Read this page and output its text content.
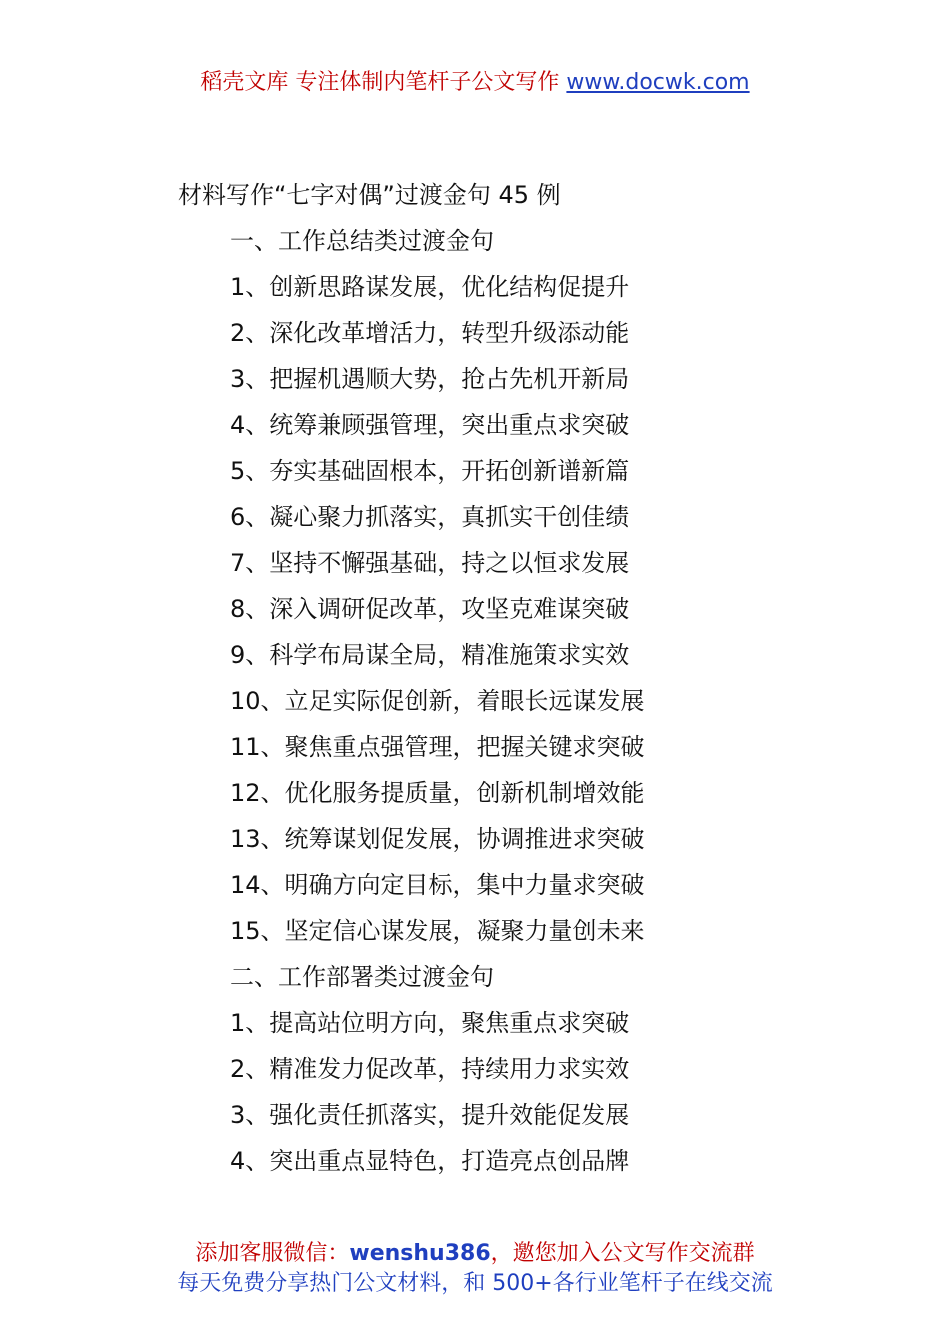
稻壳文库 专注体制内笔杆子公文写作 www.docwk.com
材料写作“七字对偶”过渡金句 45 例
一、工作总结类过渡金句
1、创新思路谋发展，优化结构促提升
2、深化改革增活力，转型升级添动能
3、把握机遇顺大势，抢占先机开新局
4、统筹兼顾强管理，突出重点求突破
5、夯实基础固根本，开拓创新谱新篇
6、凝心聚力抓落实，真抓实干创佳绩
7、坚持不懈强基础，持之以恒求发展
8、深入调研促改革，攻坚克难谋突破
9、科学布局谋全局，精准施策求实效
10、立足实际促创新，着眼长远谋发展
11、聚焦重点强管理，把握关键求突破
12、优化服务提质量，创新机制增效能
13、统筹谋划促发展，协调推进求突破
14、明确方向定目标，集中力量求突破
15、坚定信心谋发展，凝聚力量创未来
二、工作部署类过渡金句
1、提高站位明方向，聚焦重点求突破
2、精准发力促改革，持续用力求实效
3、强化责任抓落实，提升效能促发展
4、突出重点显特色，打造亮点创品牌
添加客服微信：wenshu386，邀您加入公文写作交流群
每天免费分享热门公文材料，和 500+各行业笔杆子在线交流
